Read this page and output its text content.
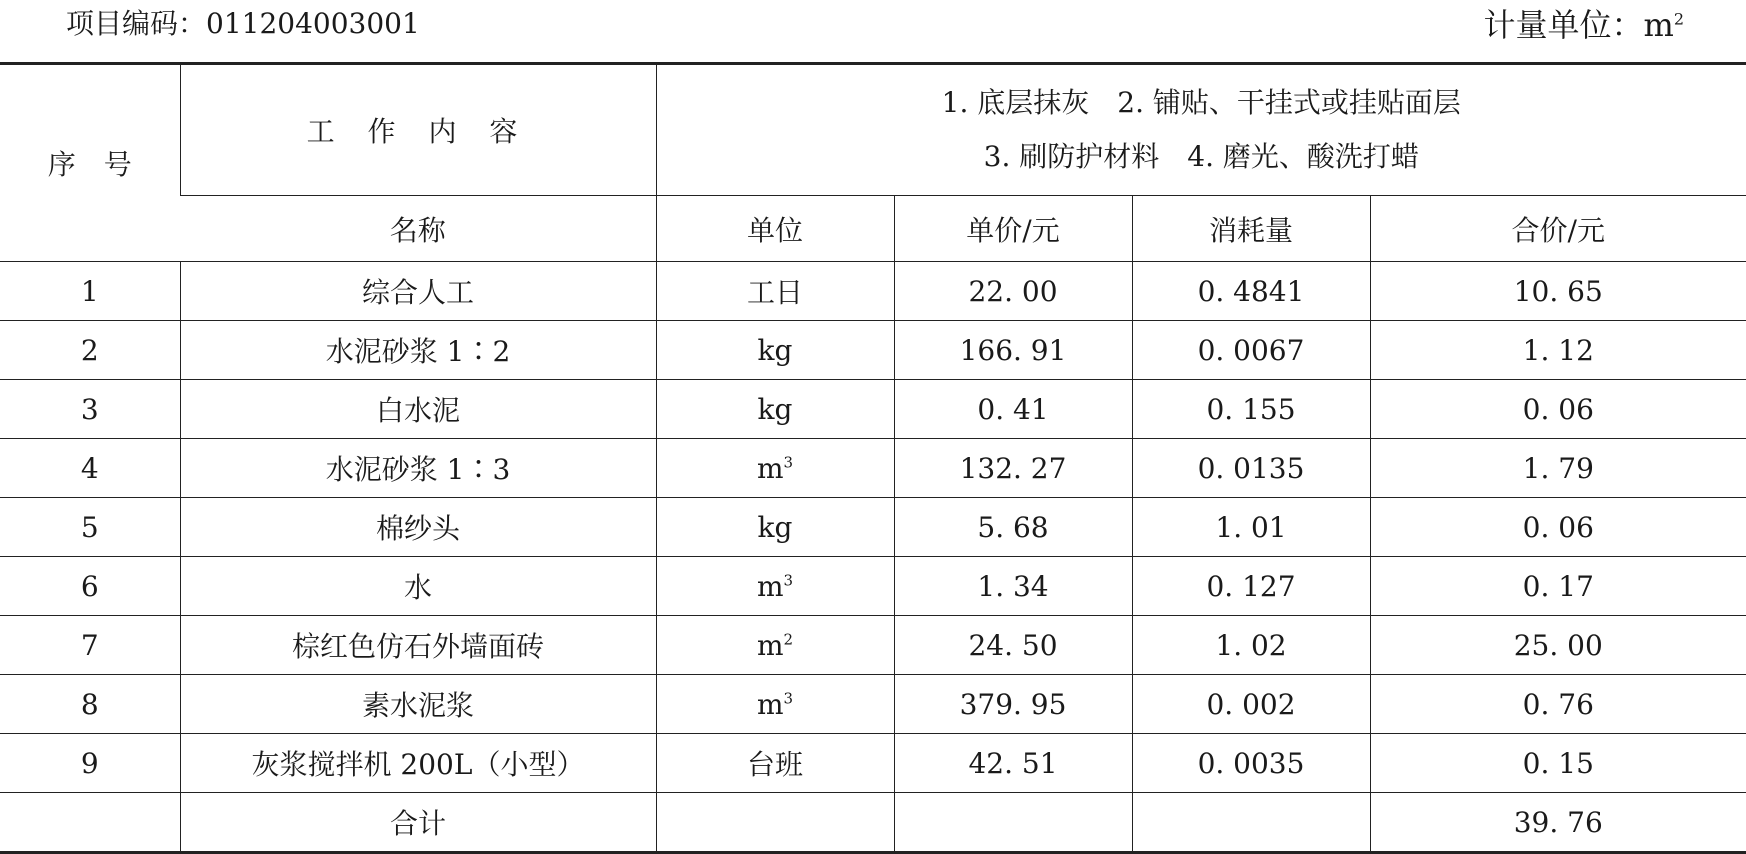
项目编码：011204003001	计量单位：$m^2$
序　号	工 作 内 容	1. 底层抹灰　2. 铺贴、干挂式或挂贴面层
3. 刷防护材料　4. 磨光、酸洗打蜡			

	名称	单位	单价/元	消耗量	合价/元
1	综合人工	工日	22. 00	0. 4841	10. 65
2	水泥砂浆 1∶2	kg	166. 91	0. 0067	1. 12
3	白水泥	kg	0. 41	0. 155	0. 06
4	水泥砂浆 1∶3	$m^3$	132. 27	0. 0135	1. 79
5	棉纱头	kg	5. 68	1. 01	0. 06
6	水	$m^3$	1. 34	0. 127	0. 17
7	棕红色仿石外墙面砖	$m^2$	24. 50	1. 02	25. 00
8	素水泥浆	$m^3$	379. 95	0. 002	0. 76
9	灰浆搅拌机 200L（小型）	台班	42. 51	0. 0035	0. 15
	合计				39. 76
